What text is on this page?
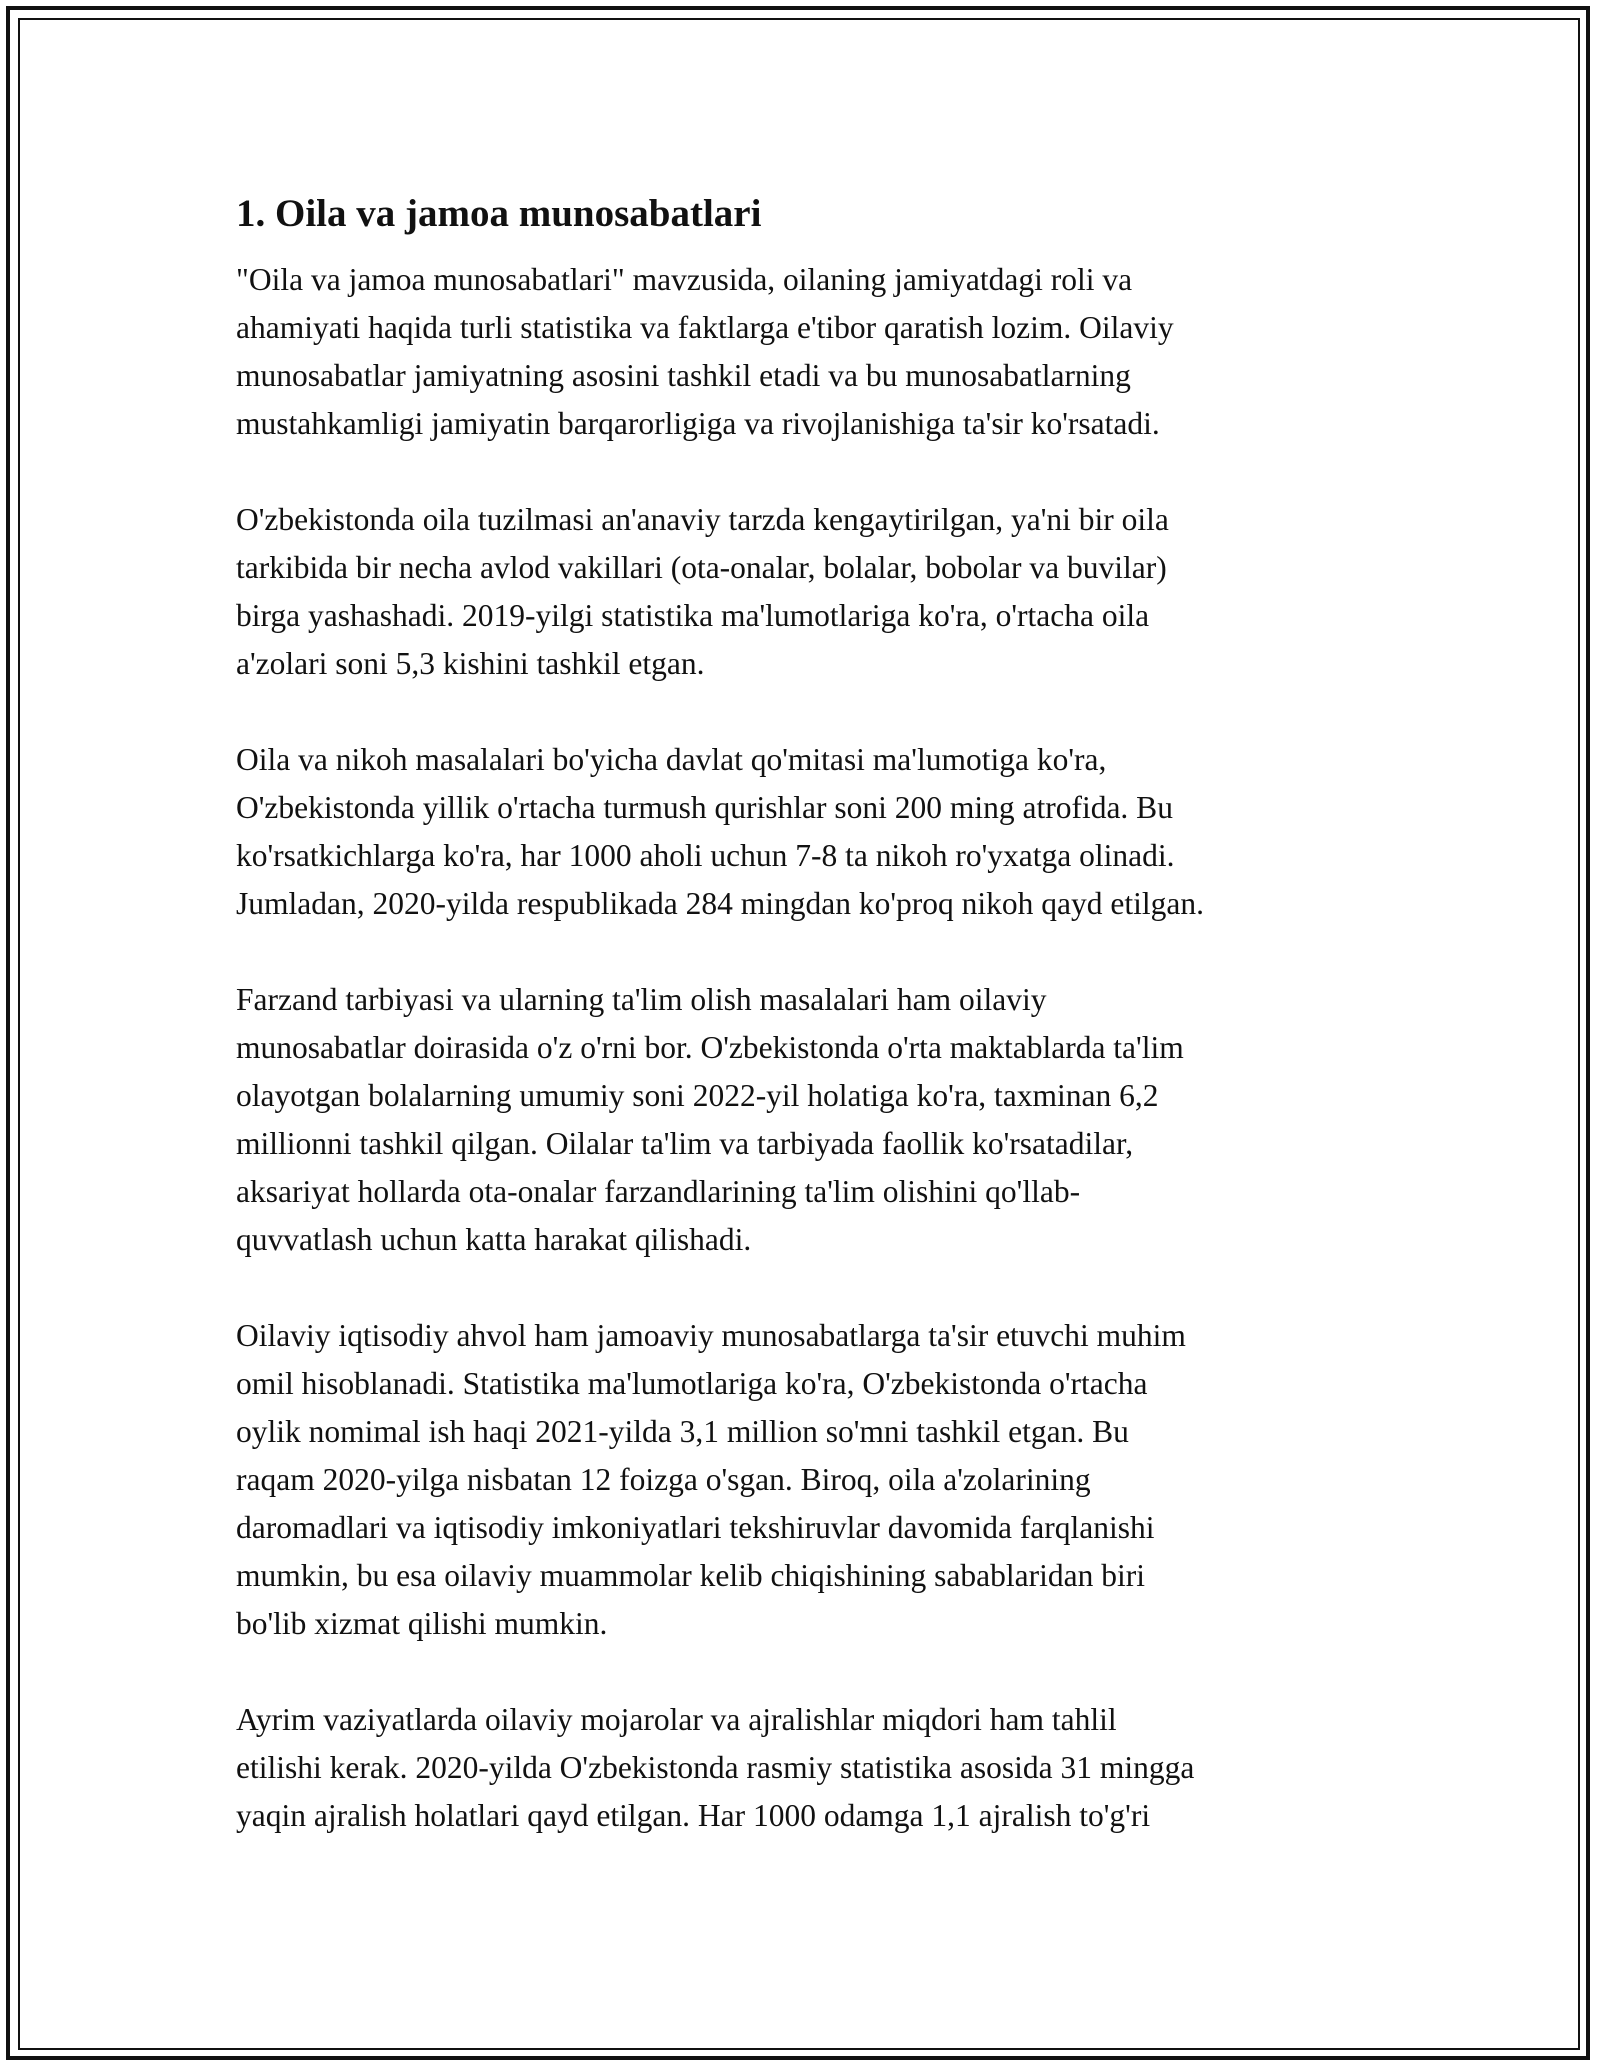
1. Oila va jamoa munosabatlari

"Oila va jamoa munosabatlari" mavzusida, oilaning jamiyatdagi roli va
ahamiyati haqida turli statistika va faktlarga e'tibor qaratish lozim. Oilaviy
munosabatlar jamiyatning asosini tashkil etadi va bu munosabatlarning
mustahkamligi jamiyatin barqarorligiga va rivojlanishiga ta'sir ko'rsatadi.

O'zbekistonda oila tuzilmasi an'anaviy tarzda kengaytirilgan, ya'ni bir oila
tarkibida bir necha avlod vakillari (ota-onalar, bolalar, bobolar va buvilar)
birga yashashadi. 2019-yilgi statistika ma'lumotlariga ko'ra, o'rtacha oila
a'zolari soni 5,3 kishini tashkil etgan.

Oila va nikoh masalalari bo'yicha davlat qo'mitasi ma'lumotiga ko'ra,
O'zbekistonda yillik o'rtacha turmush qurishlar soni 200 ming atrofida. Bu
ko'rsatkichlarga ko'ra, har 1000 aholi uchun 7-8 ta nikoh ro'yxatga olinadi.
Jumladan, 2020-yilda respublikada 284 mingdan ko'proq nikoh qayd etilgan.

Farzand tarbiyasi va ularning ta'lim olish masalalari ham oilaviy
munosabatlar doirasida o'z o'rni bor. O'zbekistonda o'rta maktablarda ta'lim
olayotgan bolalarning umumiy soni 2022-yil holatiga ko'ra, taxminan 6,2
millionni tashkil qilgan. Oilalar ta'lim va tarbiyada faollik ko'rsatadilar,
aksariyat hollarda ota-onalar farzandlarining ta'lim olishini qo'llab-
quvvatlash uchun katta harakat qilishadi.

Oilaviy iqtisodiy ahvol ham jamoaviy munosabatlarga ta'sir etuvchi muhim
omil hisoblanadi. Statistika ma'lumotlariga ko'ra, O'zbekistonda o'rtacha
oylik nomimal ish haqi 2021-yilda 3,1 million so'mni tashkil etgan. Bu
raqam 2020-yilga nisbatan 12 foizga o'sgan. Biroq, oila a'zolarining
daromadlari va iqtisodiy imkoniyatlari tekshiruvlar davomida farqlanishi
mumkin, bu esa oilaviy muammolar kelib chiqishining sabablaridan biri
bo'lib xizmat qilishi mumkin.

Ayrim vaziyatlarda oilaviy mojarolar va ajralishlar miqdori ham tahlil
etilishi kerak. 2020-yilda O'zbekistonda rasmiy statistika asosida 31 mingga
yaqin ajralish holatlari qayd etilgan. Har 1000 odamga 1,1 ajralish to'g'ri
